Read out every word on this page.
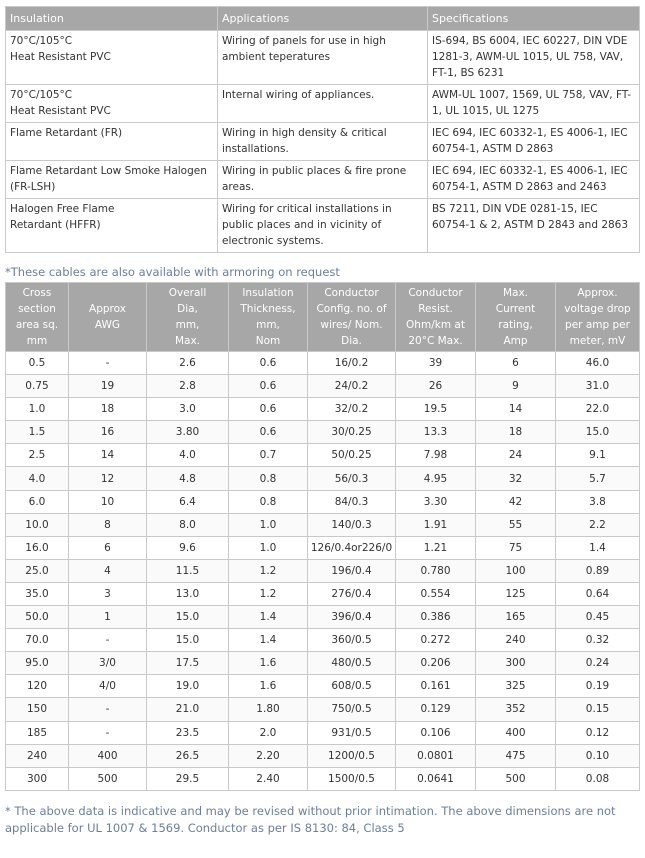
Insulation	Applications	Specifications
70°C/105°C
Heat Resistant PVC	Wiring of panels for use in high ambient teperatures	IS-694, BS 6004, IEC 60227, DIN VDE 1281-3, AWM-UL 1015, UL 758, VAV, FT-1, BS 6231
70°C/105°C
Heat Resistant PVC	Internal wiring of appliances.	AWM-UL 1007, 1569, UL 758, VAV, FT-1, UL 1015, UL 1275
Flame Retardant (FR)	Wiring in high density & critical installations.	IEC 694, IEC 60332-1, ES 4006-1, IEC 60754-1, ASTM D 2863
Flame Retardant Low Smoke Halogen (FR-LSH)	Wiring in public places & fire prone areas.	IEC 694, IEC 60332-1, ES 4006-1, IEC 60754-1, ASTM D 2863 and 2463
Halogen Free Flame
Retardant (HFFR)	Wiring for critical installations in public places and in vicinity of electronic systems.	BS 7211, DIN VDE 0281-15, IEC 60754-1 & 2, ASTM D 2843 and 2863
*These cables are also available with armoring on request
Cross
section
area sq.
mm	Approx
AWG	Overall
Dia,
mm,
Max.	Insulation
Thickness,
mm,
Nom	Conductor
Config. no. of
wires/ Nom.
Dia.	Conductor
Resist.
Ohm/km at
20°C Max.	Max.
Current
rating,
Amp	Approx.
voltage drop
per amp per
meter, mV
0.5	-	2.6	0.6	16/0.2	39	6	46.0
0.75	19	2.8	0.6	24/0.2	26	9	31.0
1.0	18	3.0	0.6	32/0.2	19.5	14	22.0
1.5	16	3.80	0.6	30/0.25	13.3	18	15.0
2.5	14	4.0	0.7	50/0.25	7.98	24	9.1
4.0	12	4.8	0.8	56/0.3	4.95	32	5.7
6.0	10	6.4	0.8	84/0.3	3.30	42	3.8
10.0	8	8.0	1.0	140/0.3	1.91	55	2.2
16.0	6	9.6	1.0	126/0.4or226/0	1.21	75	1.4
25.0	4	11.5	1.2	196/0.4	0.780	100	0.89
35.0	3	13.0	1.2	276/0.4	0.554	125	0.64
50.0	1	15.0	1.4	396/0.4	0.386	165	0.45
70.0	-	15.0	1.4	360/0.5	0.272	240	0.32
95.0	3/0	17.5	1.6	480/0.5	0.206	300	0.24
120	4/0	19.0	1.6	608/0.5	0.161	325	0.19
150	-	21.0	1.80	750/0.5	0.129	352	0.15
185	-	23.5	2.0	931/0.5	0.106	400	0.12
240	400	26.5	2.20	1200/0.5	0.0801	475	0.10
300	500	29.5	2.40	1500/0.5	0.0641	500	0.08
* The above data is indicative and may be revised without prior intimation. The above dimensions are not applicable for UL 1007 & 1569. Conductor as per IS 8130: 84, Class 5
